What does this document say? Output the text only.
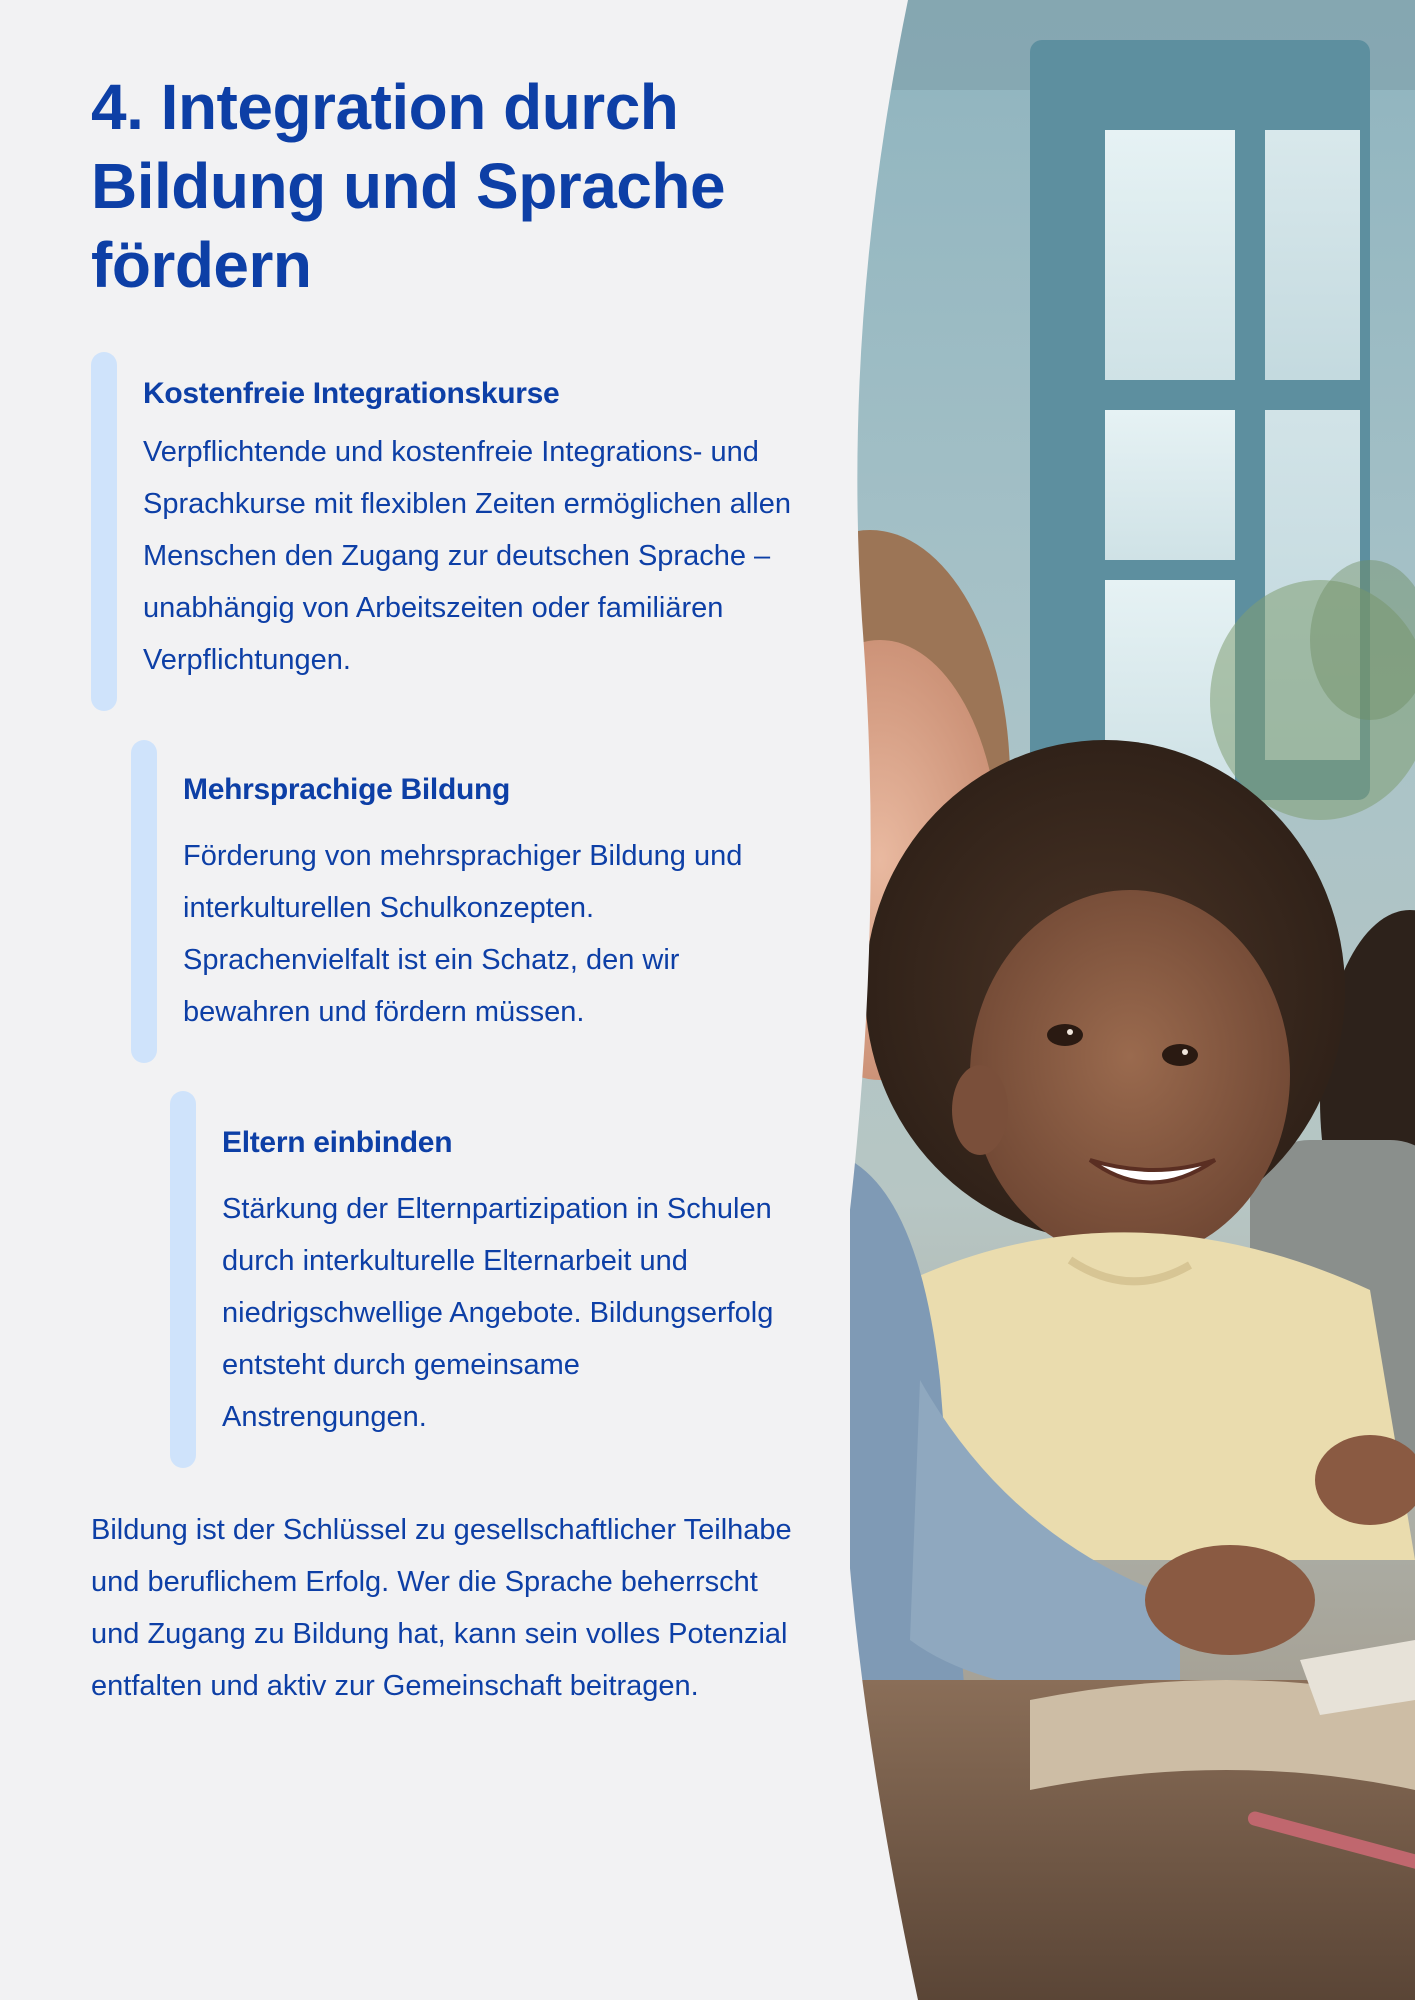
4. Integration durch Bildung und Sprache fördern
Kostenfreie Integrationskurse

Verpflichtende und kostenfreie Integrations- und Sprachkurse mit flexiblen Zeiten ermöglichen allen Menschen den Zugang zur deutschen Sprache – unabhängig von Arbeitszeiten oder familiären Verpflichtungen.

Mehrsprachige Bildung

Förderung von mehrsprachiger Bildung und interkulturellen Schulkonzepten. Sprachenvielfalt ist ein Schatz, den wir bewahren und fördern müssen.

Eltern einbinden

Stärkung der Elternpartizipation in Schulen durch interkulturelle Elternarbeit und niedrigschwellige Angebote. Bildungserfolg entsteht durch gemeinsame Anstrengungen.

Bildung ist der Schlüssel zu gesellschaftlicher Teilhabe und beruflichem Erfolg. Wer die Sprache beherrscht und Zugang zu Bildung hat, kann sein volles Potenzial entfalten und aktiv zur Gemeinschaft beitragen.
